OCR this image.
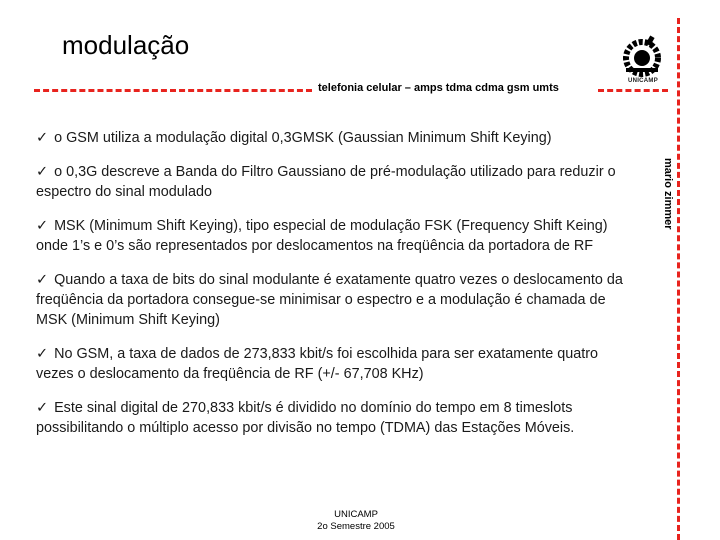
modulação
UNICAMP
telefonia celular – amps tdma cdma gsm umts
mario zimmer
✓ o GSM utiliza a modulação digital 0,3GMSK (Gaussian Minimum Shift Keying)
✓ o 0,3G descreve a Banda do Filtro Gaussiano de pré-modulação utilizado para reduzir o espectro do sinal modulado
✓ MSK (Minimum Shift Keying), tipo especial de modulação FSK (Frequency Shift Keing) onde 1’s e 0’s são representados por deslocamentos na freqüência da portadora de RF
✓ Quando a taxa de bits do sinal modulante é exatamente quatro vezes o deslocamento da freqüência da portadora consegue-se minimisar o espectro e a modulação é chamada de MSK (Minimum Shift Keying)
✓ No GSM, a taxa de dados de 273,833 kbit/s foi escolhida para ser exatamente quatro vezes o deslocamento da freqüência de RF (+/- 67,708 KHz)
✓ Este sinal digital de 270,833 kbit/s é dividido no domínio do tempo em 8 timeslots possibilitando o múltiplo acesso por divisão no tempo (TDMA) das Estações Móveis.
UNICAMP
2o Semestre 2005
